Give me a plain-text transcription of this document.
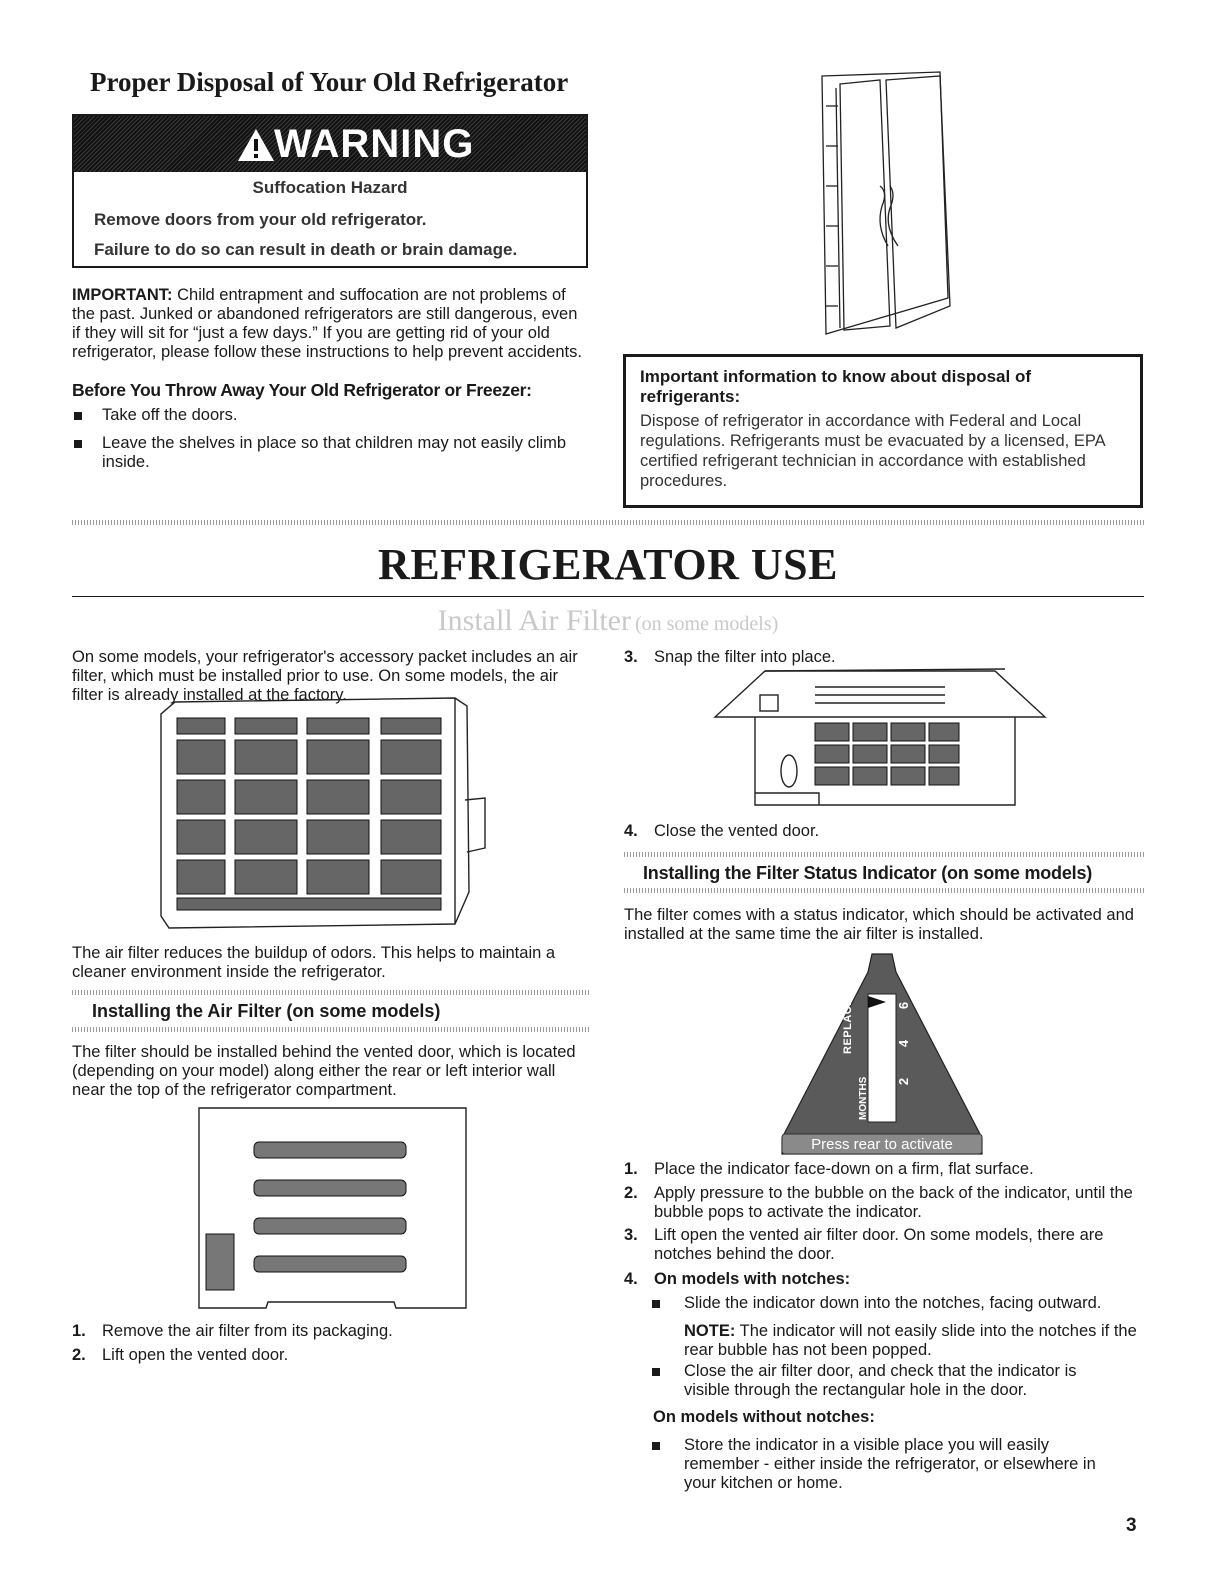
Proper Disposal of Your Old Refrigerator
WARNING
Suffocation Hazard
Remove doors from your old refrigerator.
Failure to do so can result in death or brain damage.
IMPORTANT: Child entrapment and suffocation are not problems of the past. Junked or abandoned refrigerators are still dangerous, even if they will sit for “just a few days.” If you are getting rid of your old refrigerator, please follow these instructions to help prevent accidents.
Before You Throw Away Your Old Refrigerator or Freezer:
Take off the doors.
Leave the shelves in place so that children may not easily climb inside.
Important information to know about disposal of refrigerants:
Dispose of refrigerator in accordance with Federal and Local regulations. Refrigerants must be evacuated by a licensed, EPA certified refrigerant technician in accordance with established procedures.
REFRIGERATOR USE
Install Air Filter (on some models)
On some models, your refrigerator's accessory packet includes an air filter, which must be installed prior to use. On some models, the air filter is already installed at the factory.
The air filter reduces the buildup of odors. This helps to maintain a cleaner environment inside the refrigerator.
Installing the Air Filter (on some models)
The filter should be installed behind the vented door, which is located (depending on your model) along either the rear or left interior wall near the top of the refrigerator compartment.
1. Remove the air filter from its packaging.
2. Lift open the vented door.
3. Snap the filter into place.
4. Close the vented door.
Installing the Filter Status Indicator (on some models)
The filter comes with a status indicator, which should be activated and installed at the same time the air filter is installed.
REPLACE
MONTHS
6
4
2
Press rear to activate
1. Place the indicator face-down on a firm, flat surface.
2. Apply pressure to the bubble on the back of the indicator, until the bubble pops to activate the indicator.
3. Lift open the vented air filter door. On some models, there are notches behind the door.
4. On models with notches:
Slide the indicator down into the notches, facing outward.
NOTE: The indicator will not easily slide into the notches if the rear bubble has not been popped.
Close the air filter door, and check that the indicator is visible through the rectangular hole in the door.
On models without notches:
Store the indicator in a visible place you will easily remember - either inside the refrigerator, or elsewhere in your kitchen or home.
3
